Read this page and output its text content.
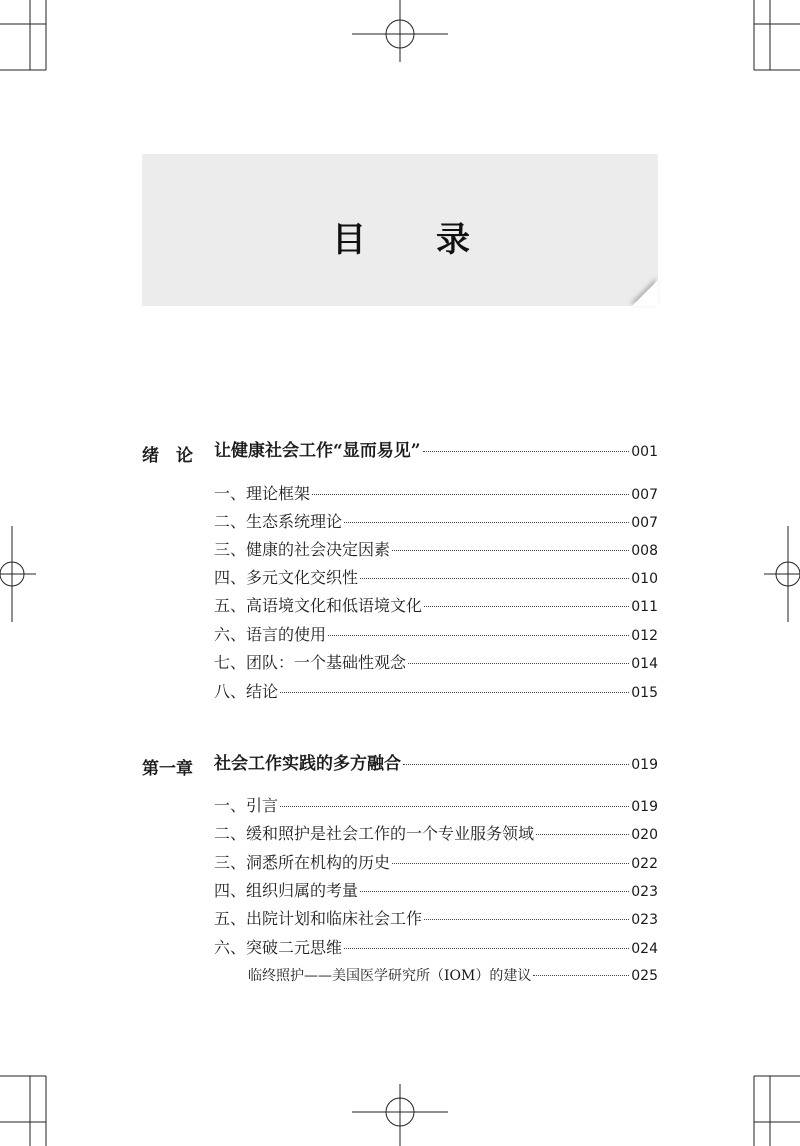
目 录
绪　论 让健康社会工作“显而易见”	001
一、理论框架	007
二、生态系统理论	007
三、健康的社会决定因素	008
四、多元文化交织性	010
五、高语境文化和低语境文化	011
六、语言的使用	012
七、团队：一个基础性观念	014
八、结论	015
第一章 社会工作实践的多方融合	019
一、引言	019
二、缓和照护是社会工作的一个专业服务领域	020
三、洞悉所在机构的历史	022
四、组织归属的考量	023
五、出院计划和临床社会工作	023
六、突破二元思维	024
临终照护——美国医学研究所（IOM）的建议	025
